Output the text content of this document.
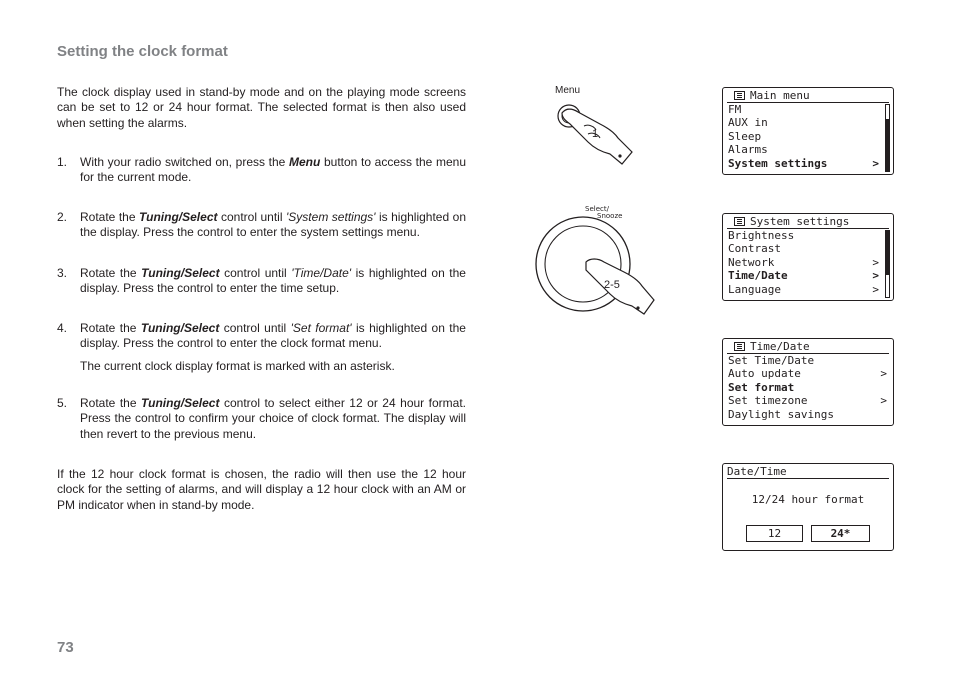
Setting the clock format

The clock display used in stand-by mode and on the playing mode screens can be set to 12 or 24 hour format. The selected format is then also used when setting the alarms.

1. With your radio switched on, press the Menu button to access the menu for the current mode.

2. Rotate the Tuning/Select control until 'System settings' is highlighted on the display. Press the control to enter the system settings menu.

3. Rotate the Tuning/Select control until 'Time/Date' is highlighted on the display. Press the control to enter the time setup.

4. Rotate the Tuning/Select control until 'Set format' is highlighted on the display. Press the control to enter the clock format menu.

The current clock display format is marked with an asterisk.

5. Rotate the Tuning/Select control to select either 12 or 24 hour format. Press the control to confirm your choice of clock format. The display will then revert to the previous menu.

If the 12 hour clock format is chosen, the radio will then use the 12 hour clock for the setting of alarms, and will display a 12 hour clock with an AM or PM indicator when in stand-by mode.

73
Menu
1
Select/
Snooze
2-5
Main menu
FM
AUX in
Sleep
Alarms
System settings	>
System settings
Brightness
Contrast
Network	>
Time/Date	>
Language	>
Time/Date
Set Time/Date
Auto update	>
Set format
Set timezone	>
Daylight savings
Date/Time
12/24 hour format
12	24*
